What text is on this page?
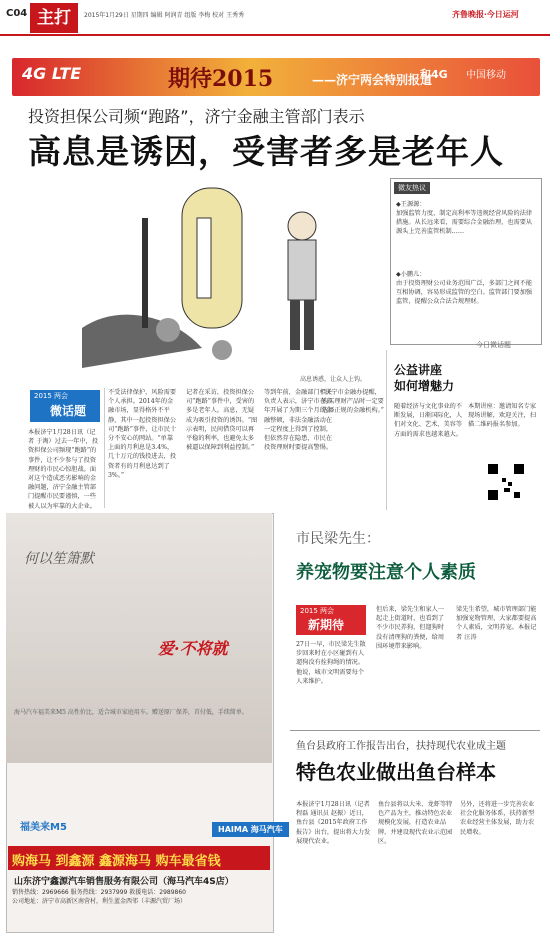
C04 主打	2015年1月29日 星期四 编辑 阿润青 组版 李梅 校对 王秀秀	齐鲁晚报·今日运河
4G LTE	期待2015	——济宁两会特别报道
和4G 中国移动
投资担保公司频“跑路”，济宁金融主管部门表示
高息是诱因，受害者多是老年人
高息诱惑，让众人上钩。
2015 两会
微话题
本报济宁1月28日讯（记者 于淘）过去一年中，投资担保公司频现“跑路”的事件，让不少参与了投资理财的市民心惊胆战。面对这个造成恶劣影响的金融问题，济宁金融主管部门提醒市民要谨慎，一些被人以为牢靠的大企业。
不受法律保护，风险需要个人承担。2014年的金融市场，显得格外不平静，其中一起投资担保公司“跑路”事件，让市民十分不安心的网站。“单靠上面的月利息是3.4%，几十万元的钱投进去，投资者有的月利息达到了3%。”
记者在采访，投资担保公司“跑路”事件中，受害的多是老年人。高息，无疑成为吸引投资的诱饵。“图示表明，民间借贷可以再平稳的利率，也避免太多被逼以保障到利益控制。”
等到年前，金融部门相关负责人表示，济宁市在去年开展了为期三个月的金融整顿，非法金融活动在一定程度上得到了控制，但依然存在隐患，市民在投资理财时要提高警惕。
“济宁市金融办提醒，购买理财产品时一定要选择正规的金融机构。”
微友热议
◆王源源：
加强监管力度，制定高利率等违规经营风险的法律措施。从长远来看，需要综合金融治理，也需要从源头上完善监管机制……
◆小鹏儿：
由于投资理财公司业务范围广泛，多部门之间不能互相协调，容易形成监管的空白。监管部门要加强监管，提醒公众合法合规理财。
今日微话题
公益讲座
如何增魅力
随着经济与文化事业的不断发展，日渐国际化，人们对文化、艺术、美容等方面的需求也越来越大。
本期讲座：邀请知名专家现场讲解，欢迎关注，扫描二维码报名参加。
何以笙箫默
爱·不将就
海马汽车福美来M5 高性价比，适合城市家庭用车。赠送原厂保养，首付低，手续简单。
福美来M5	HAIMA 海马汽车
购海马 到鑫源 鑫源海马 购车最省钱
山东济宁鑫源汽车销售服务有限公司（海马汽车4S店）
销售热线：2969666 服务热线：2937999 救援电话：2989860
公司地址：济宁市高新区南营村，利生蓝金西邻（丰源汽贸厂场）
市民梁先生：
养宠物要注意个人素质
2015 两会
新期待
27日一早，市民梁先生散步回来时在小区碰到有人遛狗没有拴狗绳的情况。他说，城市文明需要每个人来维护。
但后来，梁先生和家人一起走上街道时，也看到了不少市民养狗，但遛狗时没有清理狗的粪便，给周围环境带来影响。
梁先生希望，城市管理部门能加强宠物管理，大家都要提高个人素质，文明养宠。本报记者 汪涛
鱼台县政府工作报告出台，扶持现代农业成主题
特色农业做出鱼台样本
本报济宁1月28日讯（记者 程磊 通讯员 赵振）近日，鱼台县《2015年政府工作报告》出台，提出将大力发展现代农业。
鱼台县将以大米、龙虾等特色产品为主，推动特色农业规模化发展，打造农业品牌，并建设现代农业示范园区。
另外，还将进一步完善农业社会化服务体系，扶持新型农业经营主体发展，助力农民增收。
